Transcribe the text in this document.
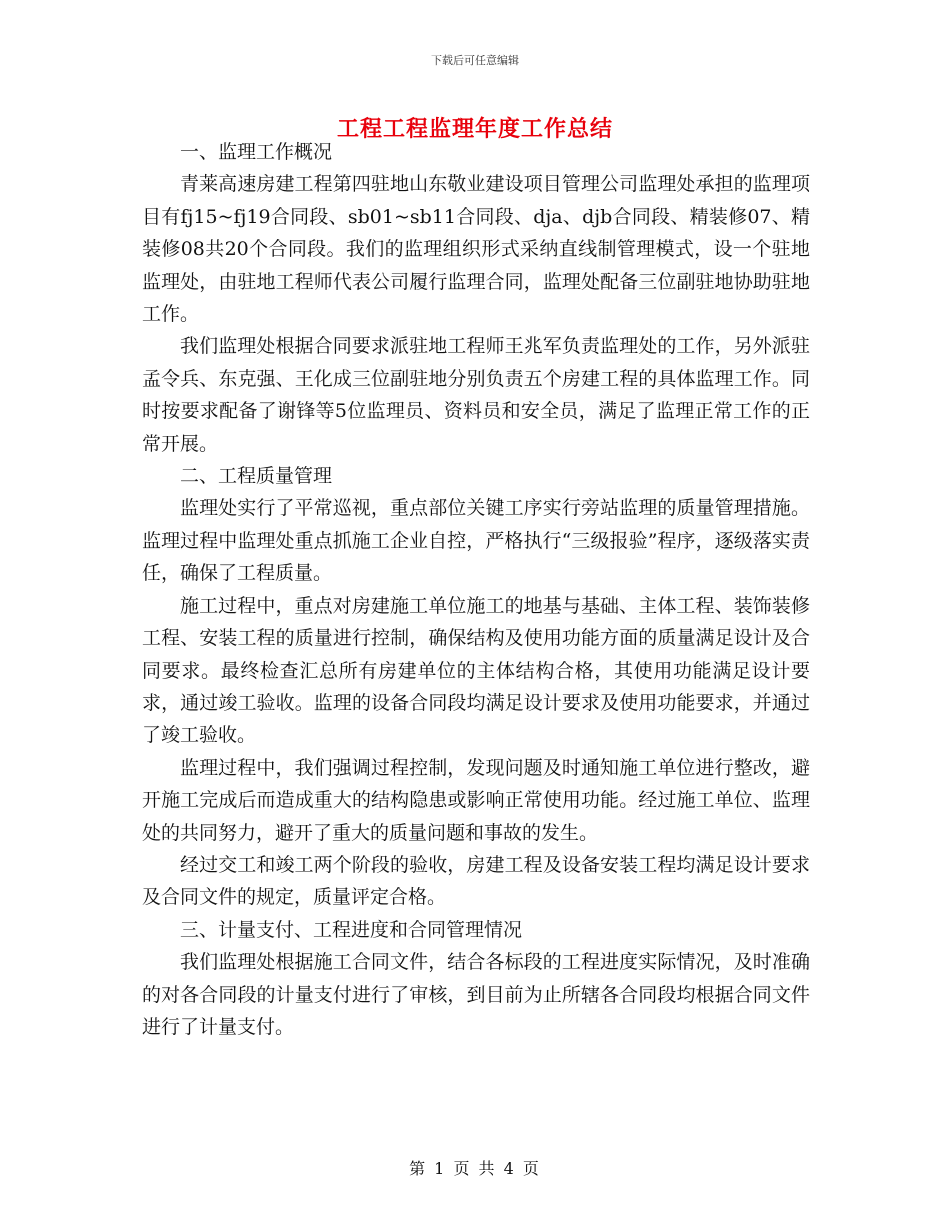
下载后可任意编辑
工程工程监理年度工作总结

一、监理工作概况

青莱高速房建工程第四驻地山东敬业建设项目管理公司监理处承担的监理项目有fj15~fj19合同段、sb01~sb11合同段、dja、djb合同段、精装修07、精装修08共20个合同段。我们的监理组织形式采纳直线制管理模式，设一个驻地监理处，由驻地工程师代表公司履行监理合同，监理处配备三位副驻地协助驻地工作。

我们监理处根据合同要求派驻地工程师王兆军负责监理处的工作，另外派驻孟令兵、东克强、王化成三位副驻地分别负责五个房建工程的具体监理工作。同时按要求配备了谢锋等5位监理员、资料员和安全员，满足了监理正常工作的正常开展。

二、工程质量管理

监理处实行了平常巡视，重点部位关键工序实行旁站监理的质量管理措施。监理过程中监理处重点抓施工企业自控，严格执行“三级报验”程序，逐级落实责任，确保了工程质量。

施工过程中，重点对房建施工单位施工的地基与基础、主体工程、装饰装修工程、安装工程的质量进行控制，确保结构及使用功能方面的质量满足设计及合同要求。最终检查汇总所有房建单位的主体结构合格，其使用功能满足设计要求，通过竣工验收。监理的设备合同段均满足设计要求及使用功能要求，并通过了竣工验收。

监理过程中，我们强调过程控制，发现问题及时通知施工单位进行整改，避开施工完成后而造成重大的结构隐患或影响正常使用功能。经过施工单位、监理处的共同努力，避开了重大的质量问题和事故的发生。

经过交工和竣工两个阶段的验收，房建工程及设备安装工程均满足设计要求及合同文件的规定，质量评定合格。

三、计量支付、工程进度和合同管理情况

我们监理处根据施工合同文件，结合各标段的工程进度实际情况，及时准确的对各合同段的计量支付进行了审核，到目前为止所辖各合同段均根据合同文件进行了计量支付。

第 1 页 共 4 页
